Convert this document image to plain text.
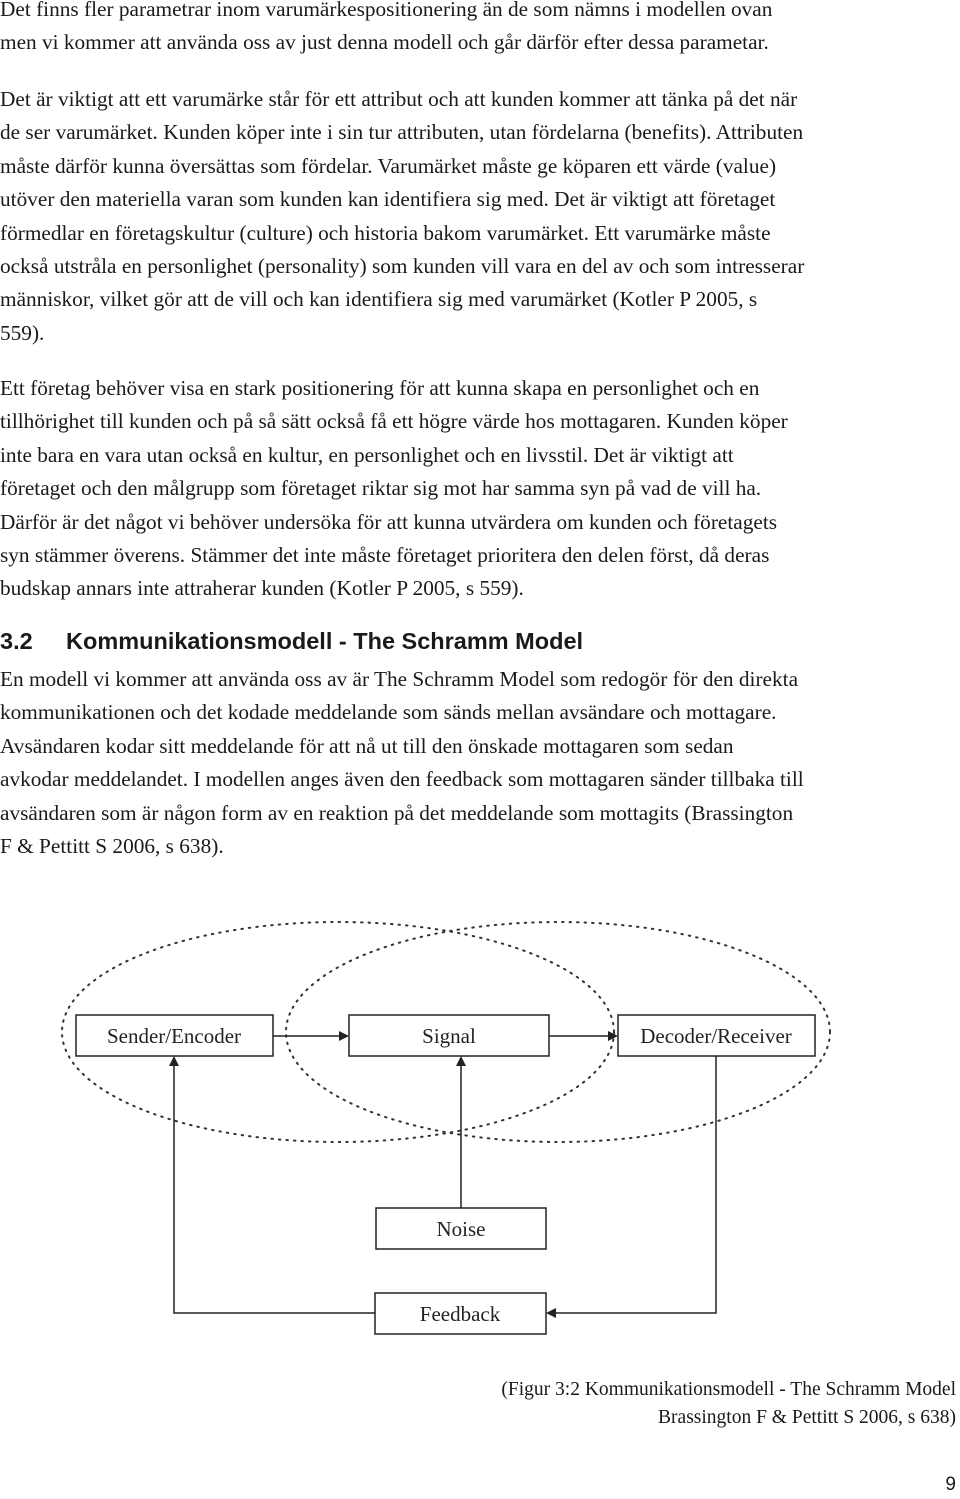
Det finns fler parametrar inom varumärkespositionering än de som nämns i modellen ovan
men vi kommer att använda oss av just denna modell och går därför efter dessa parametar.

Det är viktigt att ett varumärke står för ett attribut och att kunden kommer att tänka på det när
de ser varumärket. Kunden köper inte i sin tur attributen, utan fördelarna (benefits). Attributen
måste därför kunna översättas som fördelar. Varumärket måste ge köparen ett värde (value)
utöver den materiella varan som kunden kan identifiera sig med. Det är viktigt att företaget
förmedlar en företagskultur (culture) och historia bakom varumärket. Ett varumärke måste
också utstråla en personlighet (personality) som kunden vill vara en del av och som intresserar
människor, vilket gör att de vill och kan identifiera sig med varumärket (Kotler P 2005, s
559).

Ett företag behöver visa en stark positionering för att kunna skapa en personlighet och en
tillhörighet till kunden och på så sätt också få ett högre värde hos mottagaren. Kunden köper
inte bara en vara utan också en kultur, en personlighet och en livsstil. Det är viktigt att
företaget och den målgrupp som företaget riktar sig mot har samma syn på vad de vill ha.
Därför är det något vi behöver undersöka för att kunna utvärdera om kunden och företagets
syn stämmer överens. Stämmer det inte måste företaget prioritera den delen först, då deras
budskap annars inte attraherar kunden (Kotler P 2005, s 559).

3.2 Kommunikationsmodell - The Schramm Model

En modell vi kommer att använda oss av är The Schramm Model som redogör för den direkta
kommunikationen och det kodade meddelande som sänds mellan avsändare och mottagare.
Avsändaren kodar sitt meddelande för att nå ut till den önskade mottagaren som sedan
avkodar meddelandet. I modellen anges även den feedback som mottagaren sänder tillbaka till
avsändaren som är någon form av en reaktion på det meddelande som mottagits (Brassington
F & Pettitt S 2006, s 638).

Sender/Encoder	Signal	Decoder/Receiver
Noise
Feedback

(Figur 3:2 Kommunikationsmodell - The Schramm Model

Brassington F & Pettitt S 2006, s 638)

9
